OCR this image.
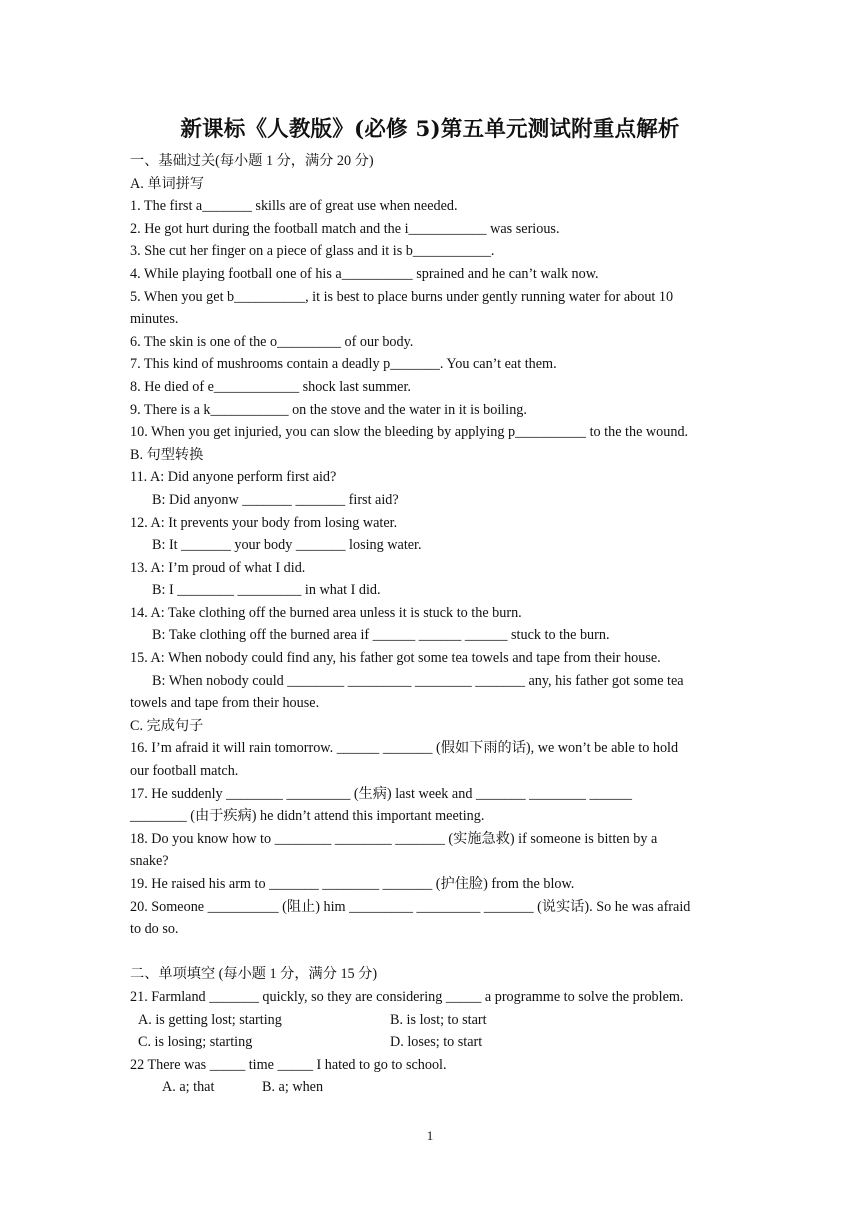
新课标《人教版》(必修 5)第五单元测试附重点解析
一、基础过关(每小题 1 分，满分 20 分)
A. 单词拼写
1. The first a_______ skills are of great use when needed.
2. He got hurt during the football match and the i___________ was serious.
3. She cut her finger on a piece of glass and it is b___________.
4. While playing football one of his a__________ sprained and he can’t walk now.
5. When you get b__________, it is best to place burns under gently running water for about 10
minutes.
6. The skin is one of the o_________ of our body.
7. This kind of mushrooms contain a deadly p_______. You can’t eat them.
8. He died of e____________ shock last summer.
9. There is a k___________ on the stove and the water in it is boiling.
10. When you get injuried, you can slow the bleeding by applying p__________ to the the wound.
B. 句型转换
11. A: Did anyone perform first aid?
B: Did anyonw _______ _______ first aid?
12. A: It prevents your body from losing water.
B: It _______ your body _______ losing water.
13. A: I’m proud of what I did.
B: I ________ _________ in what I did.
14. A: Take clothing off the burned area unless it is stuck to the burn.
B: Take clothing off the burned area if ______ ______ ______ stuck to the burn.
15. A: When nobody could find any, his father got some tea towels and tape from their house.
B: When nobody could ________ _________ ________ _______ any, his father got some tea
towels and tape from their house.
C. 完成句子
16. I’m afraid it will rain tomorrow. ______ _______ (假如下雨的话), we won’t be able to hold
our football match.
17. He suddenly ________ _________ (生病) last week and _______ ________ ______
________ (由于疾病) he didn’t attend this important meeting.
18. Do you know how to ________ ________ _______ (实施急救) if someone is bitten by a
snake?
19. He raised his arm to _______ ________ _______ (护住脸) from the blow.
20. Someone __________ (阻止) him _________ _________ _______ (说实话). So he was afraid
to do so.
二、单项填空 (每小题 1 分，满分 15 分)
21. Farmland _______ quickly, so they are considering _____ a programme to solve the problem.
A. is getting lost; starting	B. is lost; to start
C. is losing; starting	D. loses; to start
22 There was _____ time _____ I hated to go to school.
A. a; that	B. a; when
1
